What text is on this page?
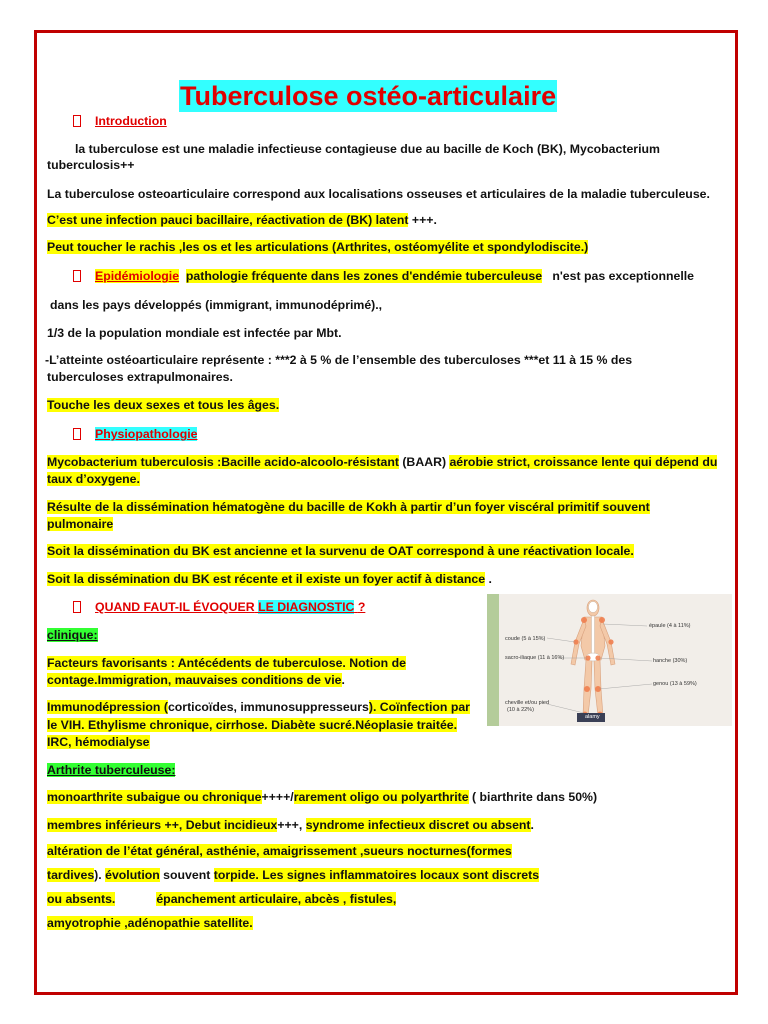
Tuberculose ostéo-articulaire
Introduction
la tuberculose est une maladie infectieuse contagieuse due au bacille de Koch (BK), Mycobacterium
tuberculosis++
La tuberculose osteoarticulaire correspond aux localisations osseuses et articulaires de la maladie tuberculeuse.
C’est une infection pauci bacillaire, réactivation de (BK) latent +++.
Peut toucher le rachis ,les os et les articulations (Arthrites, ostéomyélite et spondylodiscite.)
Epidémiologie pathologie fréquente dans les zones d'endémie tuberculeuse n'est pas exceptionnelle
dans les pays développés (immigrant, immunodéprimé).,
1/3 de la population mondiale est infectée par Mbt.
-L’atteinte ostéoarticulaire représente : ***2 à 5 % de l’ensemble des tuberculoses ***et 11 à 15 % des
tuberculoses extrapulmonaires.
Touche les deux sexes et tous les âges.
Physiopathologie
Mycobacterium tuberculosis :Bacille acido-alcoolo-résistant (BAAR) aérobie strict, croissance lente qui dépend du
taux d’oxygene.
Résulte de la dissémination hématogène du bacille de Kokh à partir d’un foyer viscéral primitif souvent
pulmonaire
Soit la dissémination du BK est ancienne et la survenu de OAT correspond à une réactivation locale.
Soit la dissémination du BK est récente et il existe un foyer actif à distance .
QUAND FAUT-IL ÉVOQUER LE DIAGNOSTIC ?
clinique:
Facteurs favorisants : Antécédents de tuberculose. Notion de
contage.Immigration, mauvaises conditions de vie.
Immunodépression (corticoïdes, immunosuppresseurs). Coïnfection par
le VIH. Ethylisme chronique, cirrhose. Diabète sucré.Néoplasie traitée.
IRC, hémodialyse
Arthrite tuberculeuse:
monoarthrite subaigue ou chronique++++/rarement oligo ou polyarthrite ( biarthrite dans 50%)
membres inférieurs ++, Debut incidieux+++, syndrome infectieux discret ou absent.
altération de l’état général, asthénie, amaigrissement ,sueurs nocturnes(formes
tardives). évolution souvent torpide. Les signes inflammatoires locaux sont discrets
ou absents.	épanchement articulaire, abcès , fistules,
amyotrophie ,adénopathie satellite.
coude (5 à 15%)
sacro-iliaque (11 à 16%)
cheville et/ou pied
(10 à 22%)
épaule (4 à 11%)
hanche (30%)
genou (13 à 59%)
alamy
